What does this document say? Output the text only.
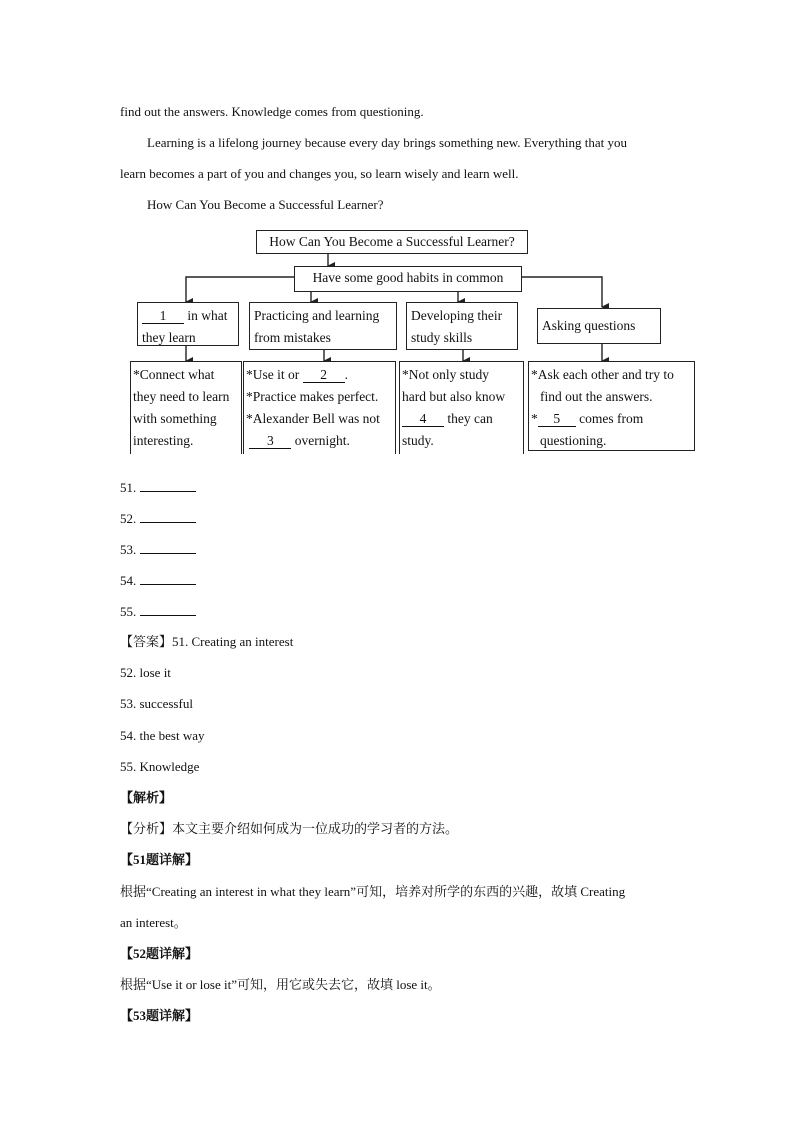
find out the answers. Knowledge comes from questioning.
Learning is a lifelong journey because every day brings something new. Everything that you
learn becomes a part of you and changes you, so learn wisely and learn well.
How Can You Become a Successful Learner?
How Can You Become a Successful Learner?
Have some good habits in common
1 in what
they learn
Practicing and learning
from mistakes
Developing their
study skills
Asking questions
*Connect what
they need to learn
with something
interesting.
*Use it or 2 .
*Practice makes perfect.
*Alexander Bell was not
3 overnight.
*Not only study
hard but also know
4 they can
study.
*Ask each other and try to
find out the answers.
* 5 comes from
questioning.
51.
52.
53.
54.
55.
【答案】51. Creating an interest
52. lose it
53. successful
54. the best way
55. Knowledge
【解析】
【分析】本文主要介绍如何成为一位成功的学习者的方法。
【51题详解】
根据“Creating an interest in what they learn”可知，培养对所学的东西的兴趣，故填 Creating
an interest。
【52题详解】
根据“Use it or lose it”可知，用它或失去它，故填 lose it。
【53题详解】
